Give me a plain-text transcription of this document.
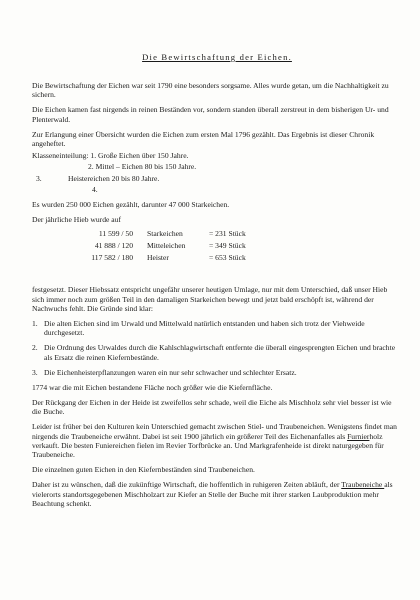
Die Bewirtschaftung der Eichen.

Die Bewirtschaftung der Eichen war seit 1790 eine besonders sorgsame. Alles wurde getan, um die Nachhaltigkeit zu sichern.

Die Eichen kamen fast nirgends in reinen Beständen vor, sondern standen überall zerstreut in dem bisherigen Ur- und Plenterwald.

Zur Erlangung einer Übersicht wurden die Eichen zum ersten Mal 1796 gezählt. Das Ergebnis ist dieser Chronik angeheftet.

Klasseneinteilung: 1. Große Eichen über 150 Jahre.
2. Mittel – Eichen 80 bis 150 Jahre.
3.	Heistereichen 20 bis 80 Jahre.
4.

Es wurden 250 000 Eichen gezählt, darunter 47 000 Starkeichen.

Der jährliche Hieb wurde auf

11 599 / 50	Starkeichen	= 231 Stück
41 888 / 120	Mitteleichen	= 349 Stück
117 582 / 180	Heister	= 653 Stück

festgesetzt. Dieser Hiebssatz entspricht ungefähr unserer heutigen Umlage, nur mit dem Unterschied, daß unser Hieb sich immer noch zum größen Teil in den damaligen Starkeichen bewegt und jetzt bald erschöpft ist, während der Nachwuchs fehlt. Die Gründe sind klar:

1. Die alten Eichen sind im Urwald und Mittelwald natürlich entstanden und haben sich trotz der Viehweide durchgesetzt.
2. Die Ordnung des Urwaldes durch die Kahlschlagwirtschaft entfernte die überall eingesprengten Eichen und brachte als Ersatz die reinen Kiefernbestände.
3. Die Eichenheisterpflanzungen waren ein nur sehr schwacher und schlechter Ersatz.

1774 war die mit Eichen bestandene Fläche noch größer wie die Kiefernfläche.

Der Rückgang der Eichen in der Heide ist zweifellos sehr schade, weil die Eiche als Mischholz sehr viel besser ist wie die Buche.

Leider ist früher bei den Kulturen kein Unterschied gemacht zwischen Stiel- und Traubeneichen. Wenigstens findet man nirgends die Traubeneiche erwähnt. Dabei ist seit 1900 jährlich ein größerer Teil des Eichenanfalles als Furnierholz verkauft. Die besten Funiereichen fielen im Revier Torfbrücke an. Und Markgrafenheide ist direkt naturgegeben für Traubeneiche.

Die einzelnen guten Eichen in den Kiefernbeständen sind Traubeneichen.

Daher ist zu wünschen, daß die zukünftige Wirtschaft, die hoffentlich in ruhigeren Zeiten abläuft, der Traubeneiche als vielerorts standortsgegebenen Mischholzart zur Kiefer an Stelle der Buche mit ihrer starken Laubproduktion mehr Beachtung schenkt.
